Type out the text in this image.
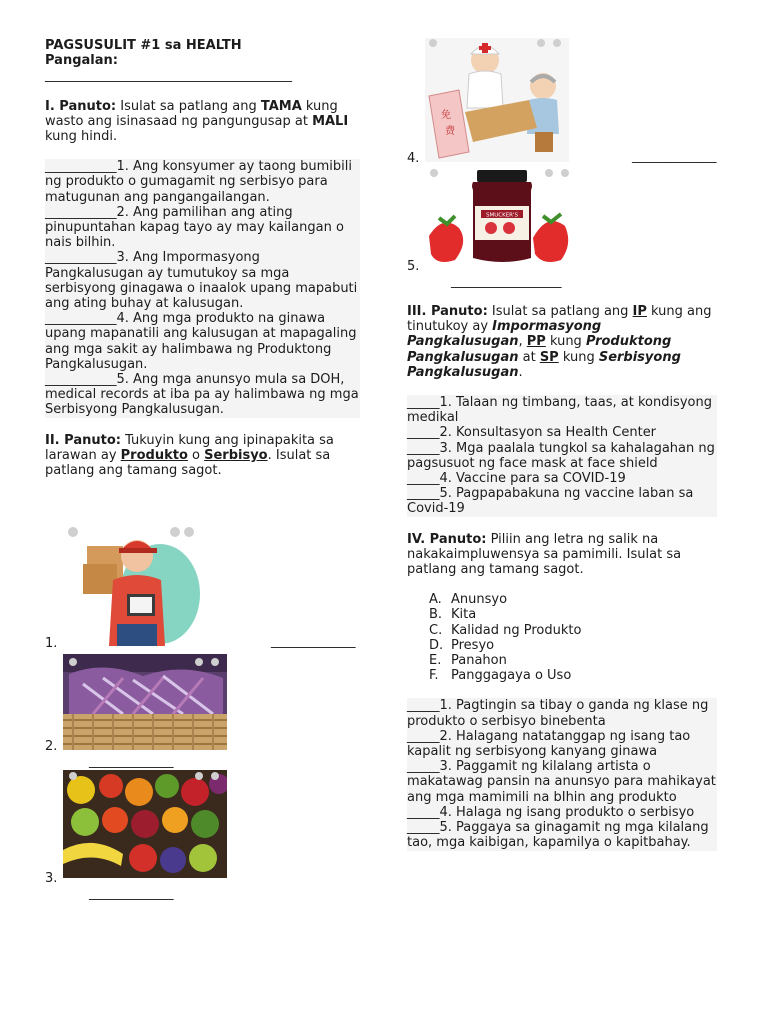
PAGSUSULIT #1 sa HEALTH

Pangalan:

______________________________________

I. Panuto: Isulat sa patlang ang TAMA kung wasto ang isinasaad ng pangungusap at MALI kung hindi.

___________1. Ang konsyumer ay taong bumibili ng produkto o gumagamit ng serbisyo para matugunan ang pangangailangan.

___________2. Ang pamilihan ang ating pinupuntahan kapag tayo ay may kailangan o nais bilhin.

___________3. Ang Impormasyong Pangkalusugan ay tumutukoy sa mga serbisyong ginagawa o inaalok upang mapabuti ang ating buhay at kalusugan.

___________4. Ang mga produkto na ginawa upang mapanatili ang kalusugan at mapagaling ang mga sakit ay halimbawa ng Produktong Pangkalusugan.

___________5. Ang mga anunsyo mula sa DOH, medical records at iba pa ay halimbawa ng mga Serbisyong Pangkalusugan.

II. Panuto: Tukuyin kung ang ipinapakita sa larawan ay Produkto o Serbisyo. Isulat sa patlang ang tamang sagot.

1.	_____________
2.
_____________
3.
_____________
免
费
4.	_____________
SMUCKER'S
5.
_________________

III. Panuto: Isulat sa patlang ang IP kung ang tinutukoy ay Impormasyong Pangkalusugan, PP kung Produktong Pangkalusugan at SP kung Serbisyong Pangkalusugan.

_____1. Talaan ng timbang, taas, at kondisyong medikal

_____2. Konsultasyon sa Health Center

_____3. Mga paalala tungkol sa kahalagahan ng pagsusuot ng face mask at face shield

_____4. Vaccine para sa COVID-19

_____5. Pagpapabakuna ng vaccine laban sa Covid-19

IV. Panuto: Piliin ang letra ng salik na nakakaimpluwensya sa pamimili. Isulat sa patlang ang tamang sagot.

A. Anunsyo
B. Kita
C. Kalidad ng Produkto
D. Presyo
E. Panahon
F. Panggagaya o Uso

_____1. Pagtingin sa tibay o ganda ng klase ng produkto o serbisyo binebenta

_____2. Halagang natatanggap ng isang tao kapalit ng serbisyong kanyang ginawa

_____3. Paggamit ng kilalang artista o makatawag pansin na anunsyo para mahikayat ang mga mamimili na bIhin ang produkto

_____4. Halaga ng isang produkto o serbisyo

_____5. Paggaya sa ginagamit ng mga kilalang tao, mga kaibigan, kapamilya o kapitbahay.
